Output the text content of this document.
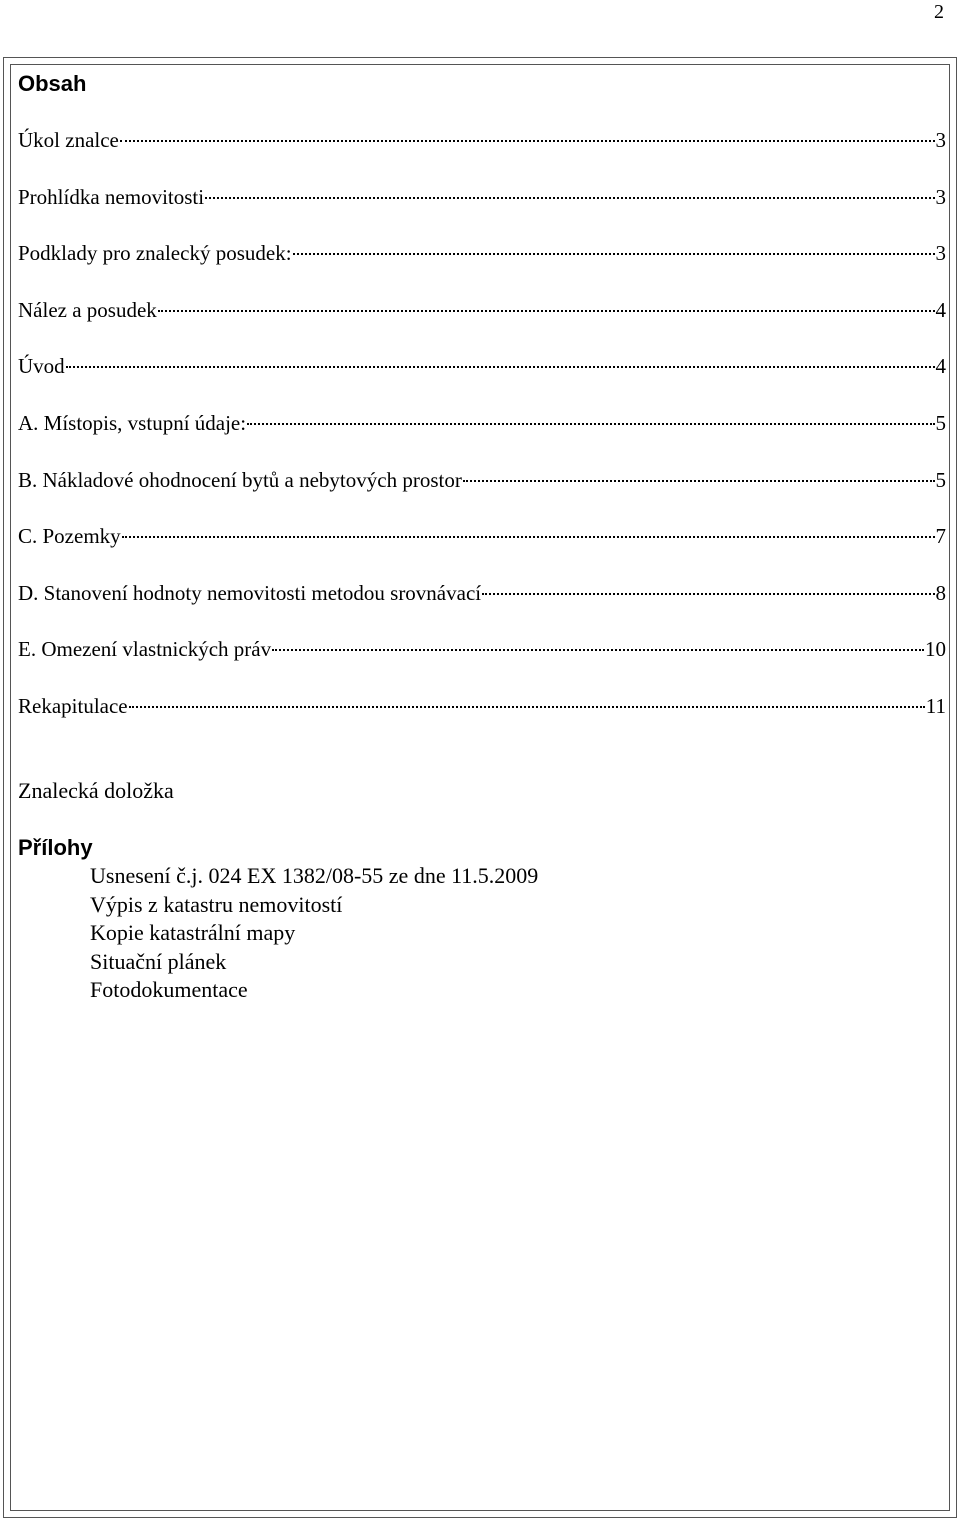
2
Obsah
Úkol znalce	3
Prohlídka nemovitosti	3
Podklady pro znalecký posudek:	3
Nález a posudek	4
Úvod	4
A. Místopis, vstupní údaje:	5
B. Nákladové ohodnocení bytů a nebytových prostor	5
C. Pozemky	7
D. Stanovení hodnoty nemovitosti metodou srovnávací	8
E. Omezení vlastnických práv	10
Rekapitulace	11
Znalecká doložka
Přílohy
Usnesení č.j. 024 EX 1382/08-55 ze dne 11.5.2009
Výpis z katastru nemovitostí
Kopie katastrální mapy
Situační plánek
Fotodokumentace
